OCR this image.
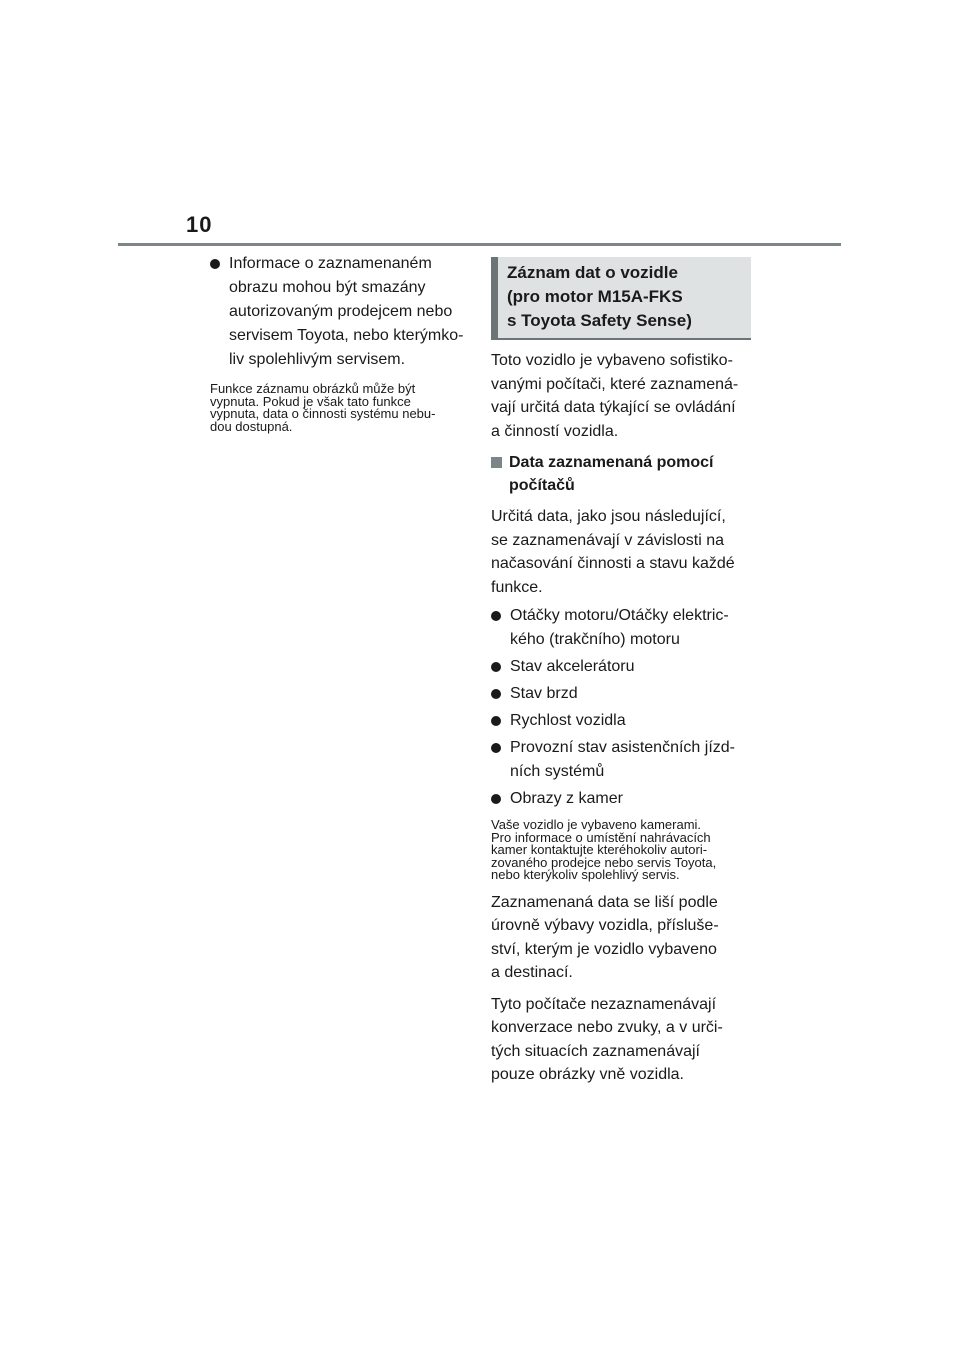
10
Informace o zaznamenaném
obrazu mohou být smazány
autorizovaným prodejcem nebo
servisem Toyota, nebo kterýmko-
liv spolehlivým servisem.
Funkce záznamu obrázků může být
vypnuta. Pokud je však tato funkce
vypnuta, data o činnosti systému nebu-
dou dostupná.
Záznam dat o vozidle
(pro motor M15A-FKS
s Toyota Safety Sense)
Toto vozidlo je vybaveno sofistiko-
vanými počítači, které zaznamená-
vají určitá data týkající se ovládání
a činností vozidla.
Data zaznamenaná pomocí
počítačů
Určitá data, jako jsou následující,
se zaznamenávají v závislosti na
načasování činnosti a stavu každé
funkce.
Otáčky motoru/Otáčky elektric-
kého (trakčního) motoru
Stav akcelerátoru
Stav brzd
Rychlost vozidla
Provozní stav asistenčních jízd-
ních systémů
Obrazy z kamer
Vaše vozidlo je vybaveno kamerami.
Pro informace o umístění nahrávacích
kamer kontaktujte kteréhokoliv autori-
zovaného prodejce nebo servis Toyota,
nebo kterýkoliv spolehlivý servis.
Zaznamenaná data se liší podle
úrovně výbavy vozidla, přísluše-
ství, kterým je vozidlo vybaveno
a destinací.
Tyto počítače nezaznamenávají
konverzace nebo zvuky, a v urči-
tých situacích zaznamenávají
pouze obrázky vně vozidla.
